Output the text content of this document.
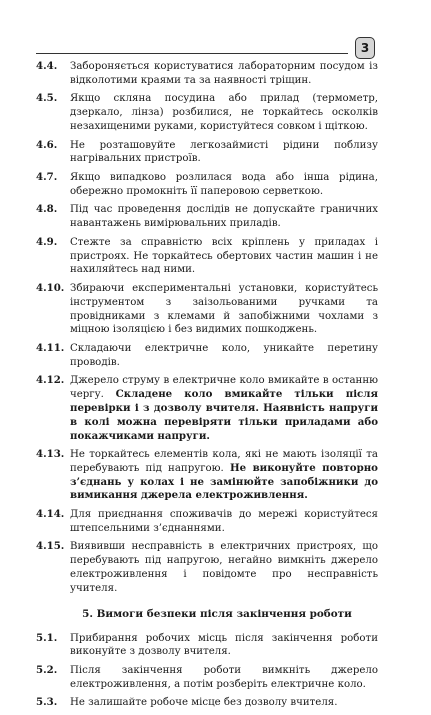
3
4.4.	Забороняється користуватися лабораторним посудом із відколотими краями та за наявності тріщин.
4.5.	Якщо скляна посудина або прилад (термометр, дзеркало, лінза) розбилися, не торкайтесь осколків незахищеними руками, користуйтеся совком і щіткою.
4.6.	Не розташовуйте легкозаймисті рідини поблизу нагрівальних пристроїв.
4.7.	Якщо випадково розлилася вода або інша рідина, обережно промокніть її паперовою серветкою.
4.8.	Під час проведення дослідів не допускайте граничних навантажень вимірювальних приладів.
4.9.	Стежте за справністю всіх кріплень у приладах і пристроях. Не торкайтесь обертових частин машин і не нахиляйтесь над ними.
4.10. Збираючи експериментальні установки, користуйтесь інструментом з заізольованими ручками та провідниками з клемами й запобіжними чохлами з міцною ізоляцією і без видимих пошкоджень.
4.11. Складаючи електричне коло, уникайте перетину проводів.
4.12. Джерело струму в електричне коло вмикайте в останню чергу. Складене коло вмикайте тільки після перевірки і з дозволу вчителя. Наявність напруги в колі можна перевіряти тільки приладами або покажчиками напруги.
4.13. Не торкайтесь елементів кола, які не мають ізоляції та перебувають під напругою. Не виконуйте повторно з’єднань у колах і не замінюйте запобіжники до вимикання джерела електроживлення.
4.14. Для приєднання споживачів до мережі користуйтеся штепсельними з’єднаннями.
4.15. Виявивши несправність в електричних пристроях, що перебувають під напругою, негайно вимкніть джерело електроживлення і повідомте про несправність учителя.
5. Вимоги безпеки після закінчення роботи
5.1.	Прибирання робочих місць після закінчення роботи виконуйте з дозволу вчителя.
5.2.	Після закінчення роботи вимкніть джерело електроживлення, а потім розберіть електричне коло.
5.3.	Не залишайте робоче місце без дозволу вчителя.
